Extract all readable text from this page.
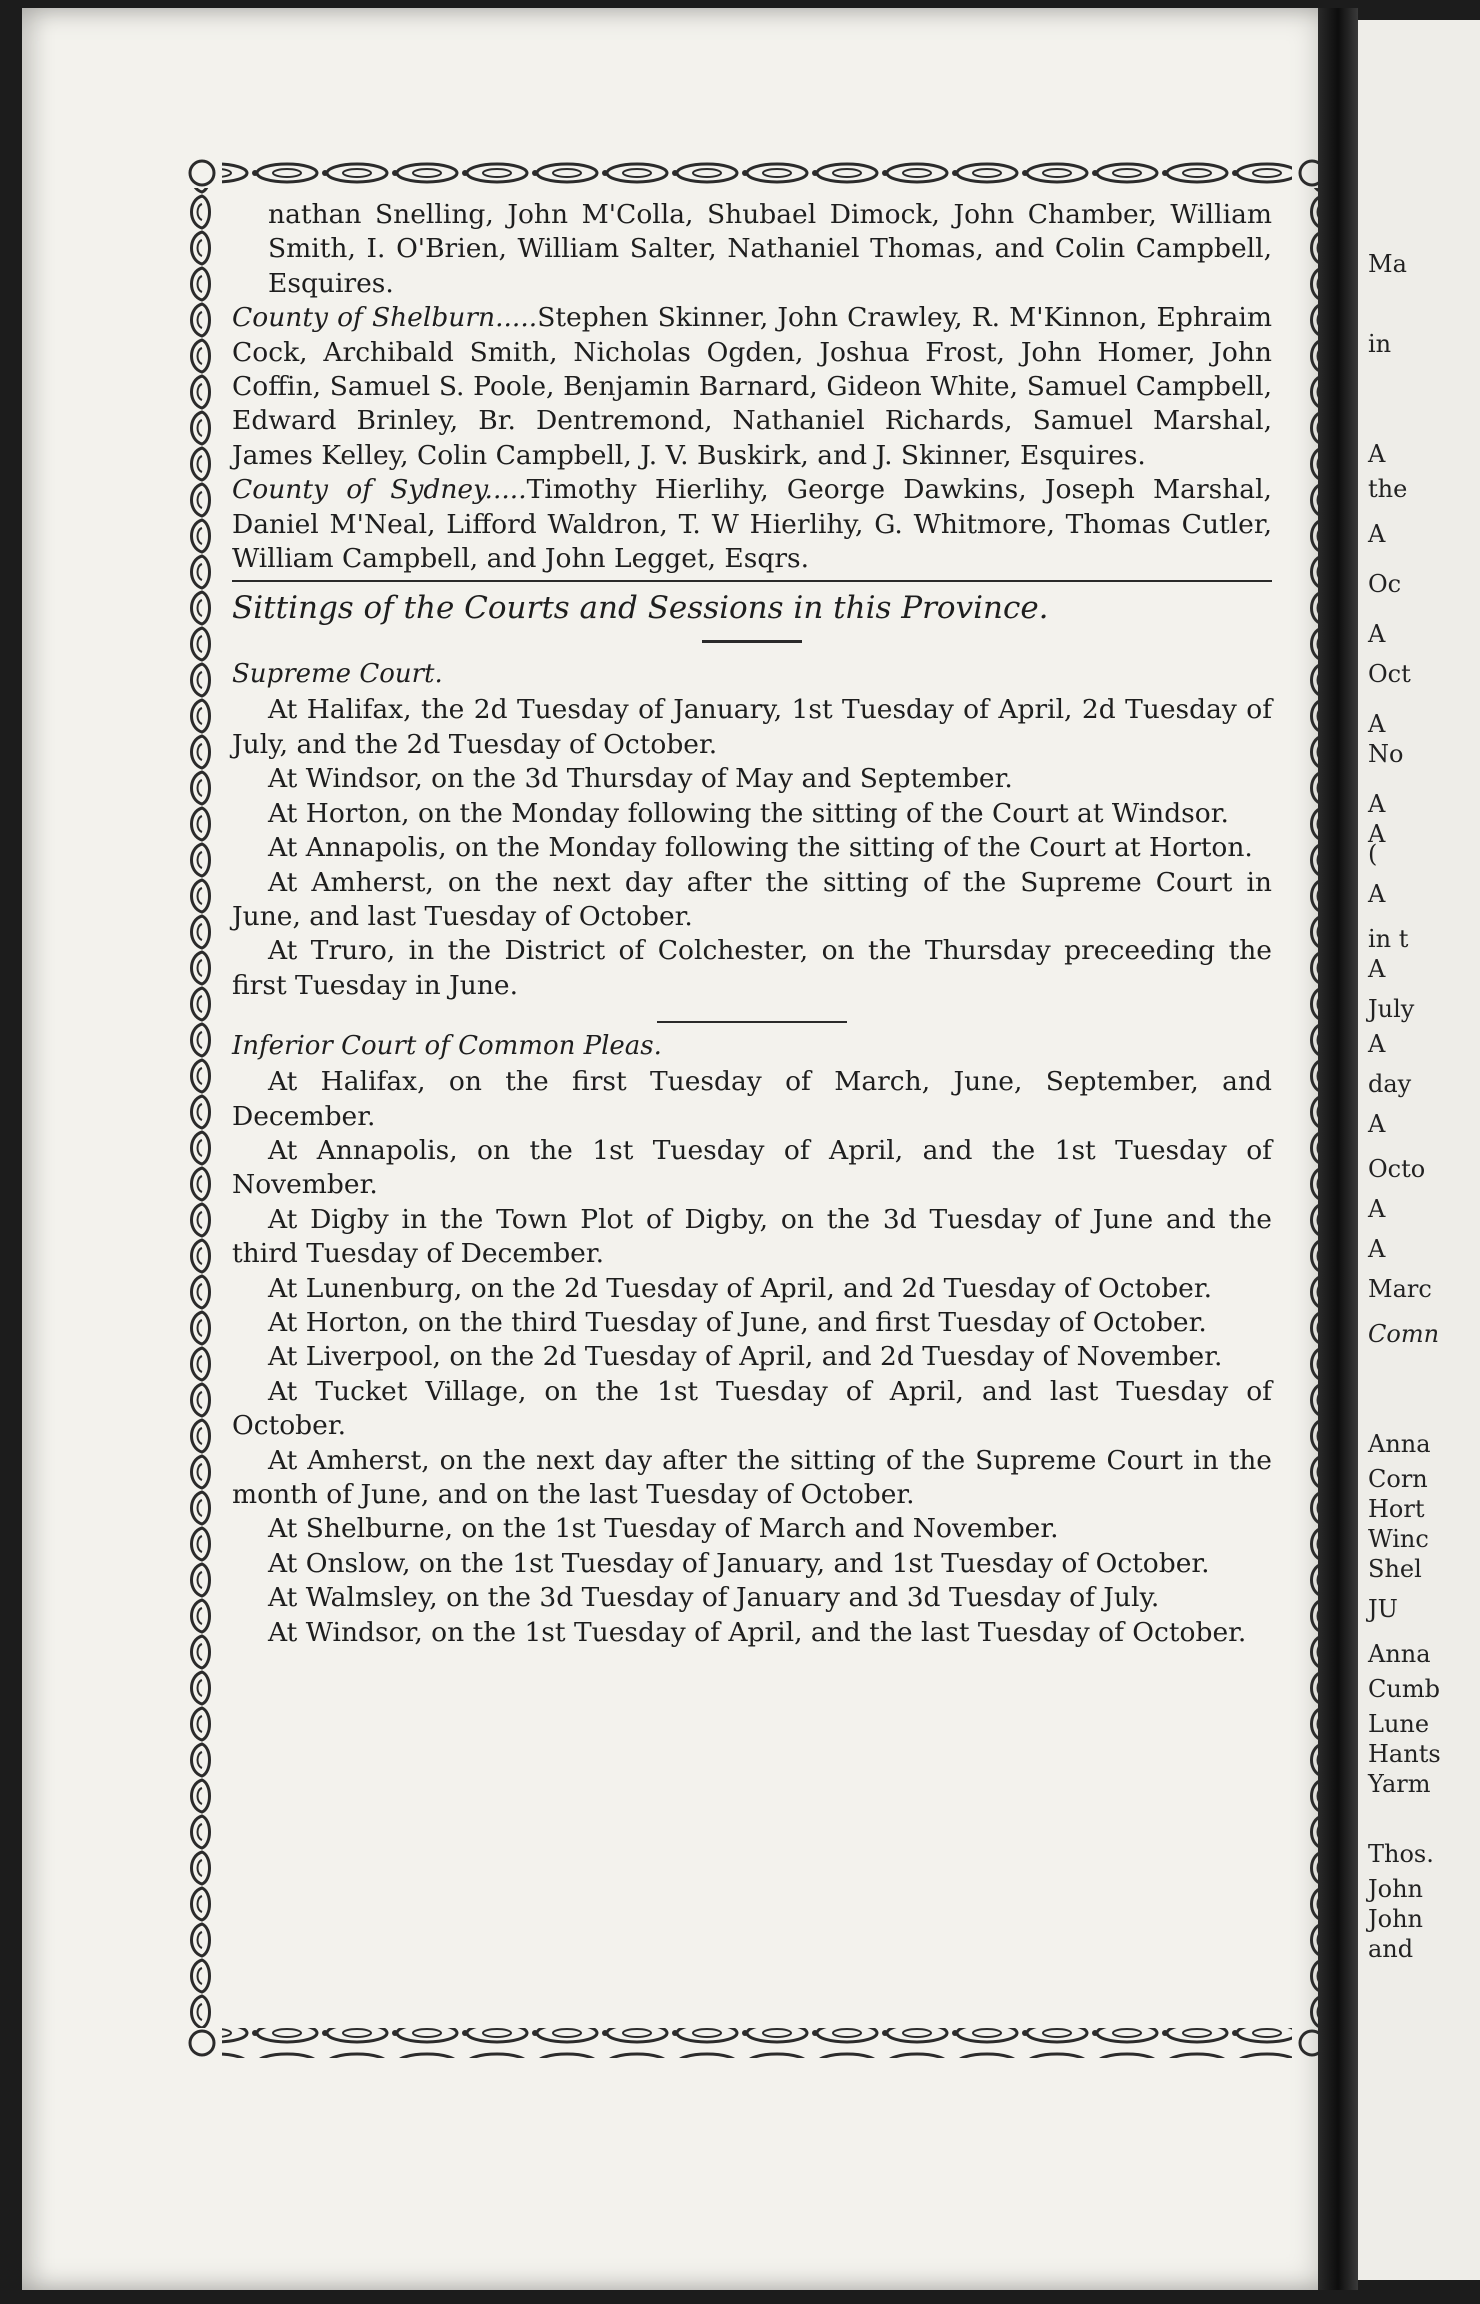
nathan Snelling, John M'Colla, Shubael Dimock, John Chamber, William Smith, I. O'Brien, William Salter, Nathaniel Thomas, and Colin Campbell, Esquires.

County of Shelburn.....Stephen Skinner, John Crawley, R. M'Kinnon, Ephraim Cock, Archibald Smith, Nicholas Ogden, Joshua Frost, John Homer, John Coffin, Samuel S. Poole, Benjamin Barnard, Gideon White, Samuel Campbell, Edward Brinley, Br. Dentremond, Nathaniel Richards, Samuel Marshal, James Kelley, Colin Campbell, J. V. Buskirk, and J. Skinner, Esquires.

County of Sydney.....Timothy Hierlihy, George Dawkins, Joseph Marshal, Daniel M'Neal, Lifford Waldron, T. W Hierlihy, G. Whitmore, Thomas Cutler, William Campbell, and John Legget, Esqrs.

Sittings of the Courts and Sessions in this Province.

Supreme Court.

At Halifax, the 2d Tuesday of January, 1st Tuesday of April, 2d Tuesday of July, and the 2d Tuesday of October.

At Windsor, on the 3d Thursday of May and September.

At Horton, on the Monday following the sitting of the Court at Windsor.

At Annapolis, on the Monday following the sitting of the Court at Horton.

At Amherst, on the next day after the sitting of the Supreme Court in June, and last Tuesday of October.

At Truro, in the District of Colchester, on the Thursday preceeding the first Tuesday in June.

Inferior Court of Common Pleas.

At Halifax, on the first Tuesday of March, June, September, and December.

At Annapolis, on the 1st Tuesday of April, and the 1st Tuesday of November.

At Digby in the Town Plot of Digby, on the 3d Tuesday of June and the third Tuesday of December.

At Lunenburg, on the 2d Tuesday of April, and 2d Tuesday of October.

At Horton, on the third Tuesday of June, and first Tuesday of October.

At Liverpool, on the 2d Tuesday of April, and 2d Tuesday of November.

At Tucket Village, on the 1st Tuesday of April, and last Tuesday of October.

At Amherst, on the next day after the sitting of the Supreme Court in the month of June, and on the last Tuesday of October.

At Shelburne, on the 1st Tuesday of March and November.

At Onslow, on the 1st Tuesday of January, and 1st Tuesday of October.

At Walmsley, on the 3d Tuesday of January and 3d Tuesday of July.

At Windsor, on the 1st Tuesday of April, and the last Tuesday of October.

Ma
in
A
the
A
Oc
A
Oct
A
No
A
A
(
A
in t
A
July
A
day
A
Octo
A
A
Marc
Comn
Anna
Corn
Hort
Winc
Shel
JU
Anna
Cumb
Lune
Hants
Yarm
Thos.
John
John
and
